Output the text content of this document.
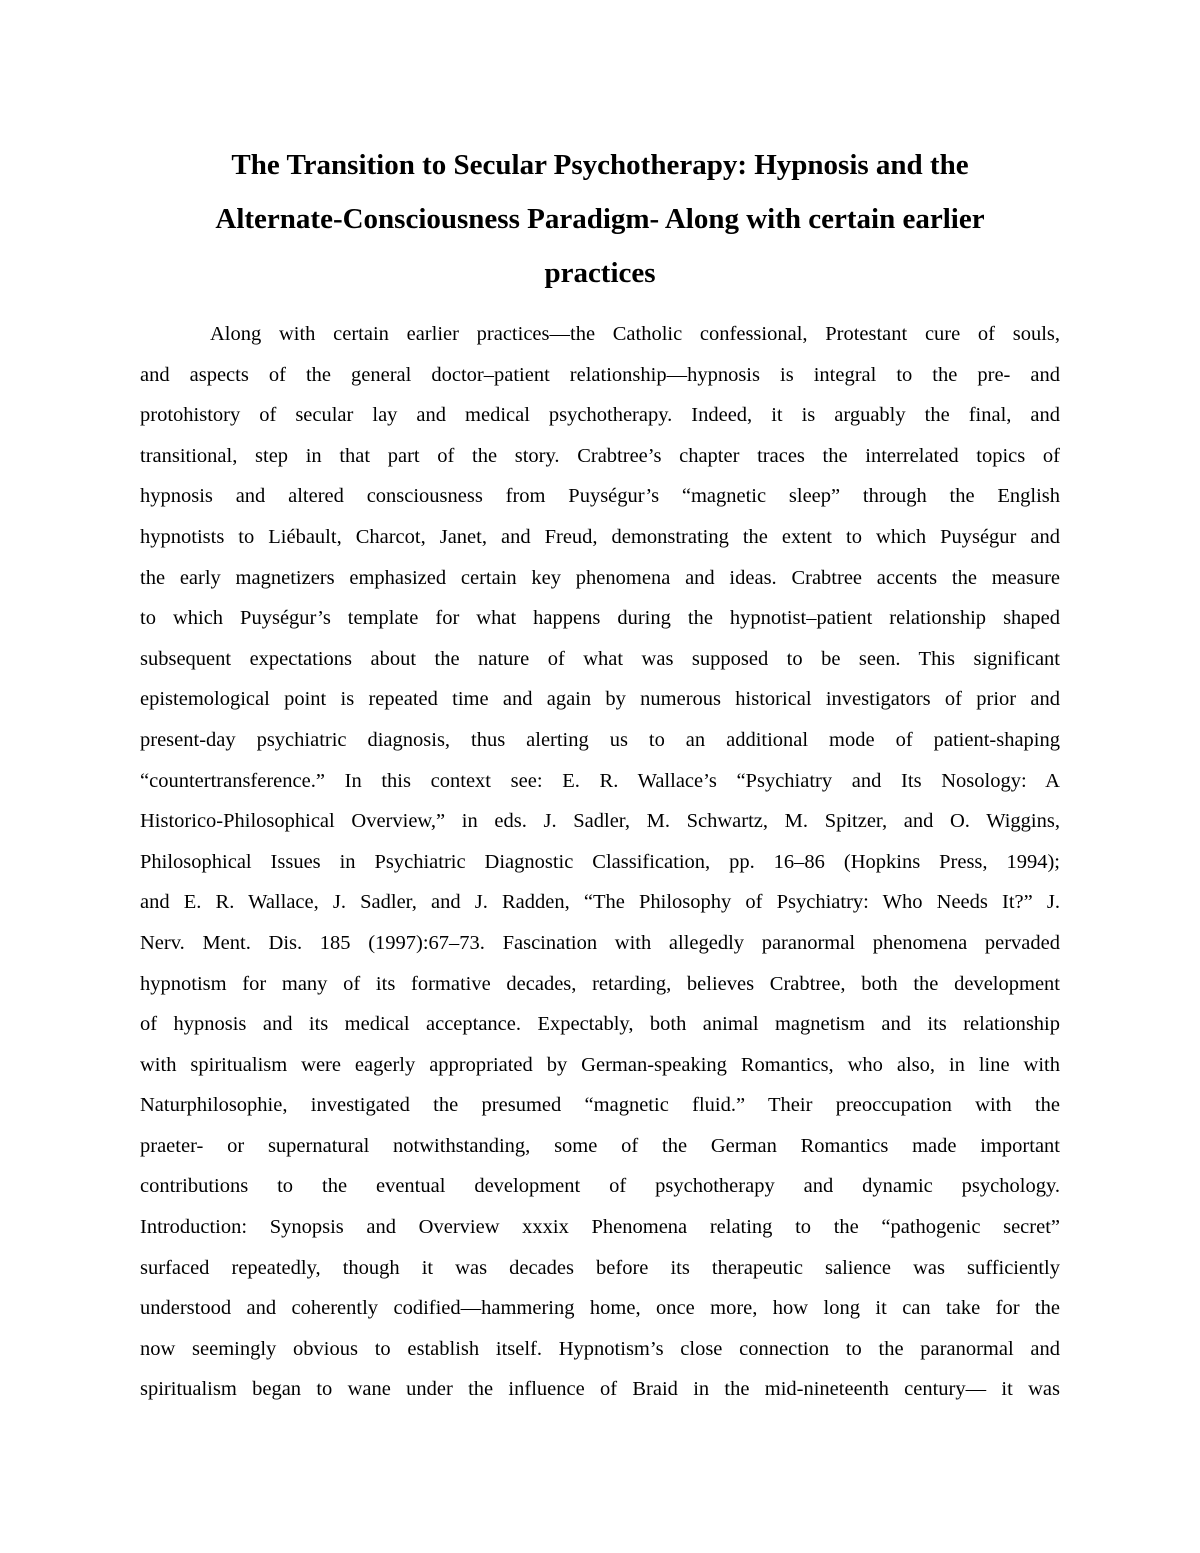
The Transition to Secular Psychotherapy: Hypnosis and the

Alternate-Consciousness Paradigm- Along with certain earlier

practices

Along with certain earlier practices—the Catholic confessional, Protestant cure of souls,

and aspects of the general doctor–patient relationship—hypnosis is integral to the pre- and

protohistory of secular lay and medical psychotherapy. Indeed, it is arguably the final, and

transitional, step in that part of the story. Crabtree’s chapter traces the interrelated topics of

hypnosis and altered consciousness from Puységur’s “magnetic sleep” through the English

hypnotists to Liébault, Charcot, Janet, and Freud, demonstrating the extent to which Puységur and

the early magnetizers emphasized certain key phenomena and ideas. Crabtree accents the measure

to which Puységur’s template for what happens during the hypnotist–patient relationship shaped

subsequent expectations about the nature of what was supposed to be seen. This significant

epistemological point is repeated time and again by numerous historical investigators of prior and

present-day psychiatric diagnosis, thus alerting us to an additional mode of patient-shaping

“countertransference.” In this context see: E. R. Wallace’s “Psychiatry and Its Nosology: A

Historico-Philosophical Overview,” in eds. J. Sadler, M. Schwartz, M. Spitzer, and O. Wiggins,

Philosophical Issues in Psychiatric Diagnostic Classification, pp. 16–86 (Hopkins Press, 1994);

and E. R. Wallace, J. Sadler, and J. Radden, “The Philosophy of Psychiatry: Who Needs It?” J.

Nerv. Ment. Dis. 185 (1997):67–73. Fascination with allegedly paranormal phenomena pervaded

hypnotism for many of its formative decades, retarding, believes Crabtree, both the development

of hypnosis and its medical acceptance. Expectably, both animal magnetism and its relationship

with spiritualism were eagerly appropriated by German-speaking Romantics, who also, in line with

Naturphilosophie, investigated the presumed “magnetic fluid.” Their preoccupation with the

praeter- or supernatural notwithstanding, some of the German Romantics made important

contributions to the eventual development of psychotherapy and dynamic psychology.

Introduction: Synopsis and Overview xxxix Phenomena relating to the “pathogenic secret”

surfaced repeatedly, though it was decades before its therapeutic salience was sufficiently

understood and coherently codified—hammering home, once more, how long it can take for the

now seemingly obvious to establish itself. Hypnotism’s close connection to the paranormal and

spiritualism began to wane under the influence of Braid in the mid-nineteenth century— it was
